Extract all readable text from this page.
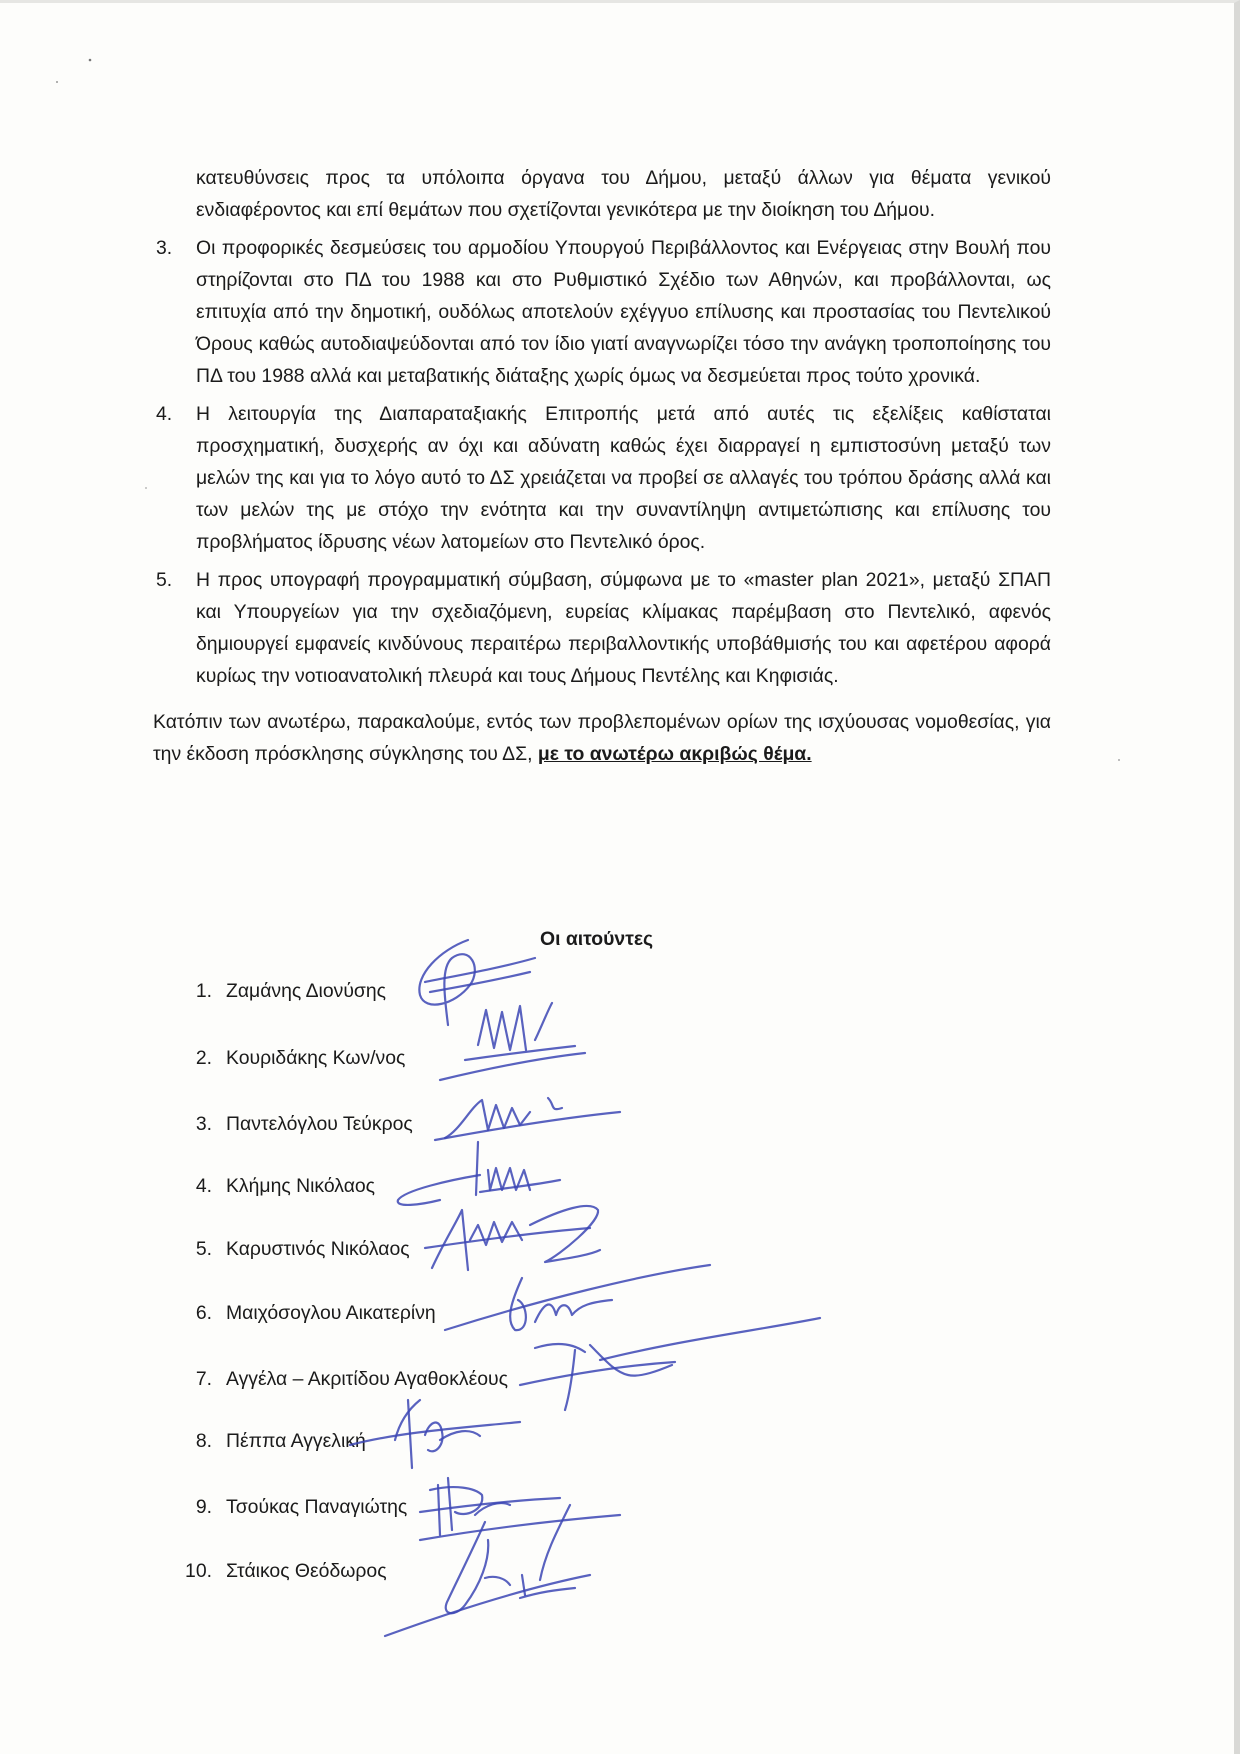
κατευθύνσεις προς τα υπόλοιπα όργανα του Δήμου, μεταξύ άλλων για θέματα γενικού ενδιαφέροντος και επί θεμάτων που σχετίζονται γενικότερα με την διοίκηση του Δήμου.

3. Οι προφορικές δεσμεύσεις του αρμοδίου Υπουργού Περιβάλλοντος και Ενέργειας στην Βουλή που στηρίζονται στο ΠΔ του 1988 και στο Ρυθμιστικό Σχέδιο των Αθηνών, και προβάλλονται, ως επιτυχία από την δημοτική, ουδόλως αποτελούν εχέγγυο επίλυσης και προστασίας του Πεντελικού Όρους καθώς αυτοδιαψεύδονται από τον ίδιο γιατί αναγνωρίζει τόσο την ανάγκη τροποποίησης του ΠΔ του 1988 αλλά και μεταβατικής διάταξης χωρίς όμως να δεσμεύεται προς τούτο χρονικά.

4. Η λειτουργία της Διαπαραταξιακής Επιτροπής μετά από αυτές τις εξελίξεις καθίσταται προσχηματική, δυσχερής αν όχι και αδύνατη καθώς έχει διαρραγεί η εμπιστοσύνη μεταξύ των μελών της και για το λόγο αυτό το ΔΣ χρειάζεται να προβεί σε αλλαγές του τρόπου δράσης αλλά και των μελών της με στόχο την ενότητα και την συναντίληψη αντιμετώπισης και επίλυσης του προβλήματος ίδρυσης νέων λατομείων στο Πεντελικό όρος.

5. Η προς υπογραφή προγραμματική σύμβαση, σύμφωνα με το «master plan 2021», μεταξύ ΣΠΑΠ και Υπουργείων για την σχεδιαζόμενη, ευρείας κλίμακας παρέμβαση στο Πεντελικό, αφενός δημιουργεί εμφανείς κινδύνους περαιτέρω περιβαλλοντικής υποβάθμισής του και αφετέρου αφορά κυρίως την νοτιοανατολική πλευρά και τους Δήμους Πεντέλης και Κηφισιάς.

Κατόπιν των ανωτέρω, παρακαλούμε, εντός των προβλεπομένων ορίων της ισχύουσας νομοθεσίας, για την έκδοση πρόσκλησης σύγκλησης του ΔΣ, με το ανωτέρω ακριβώς θέμα.

Οι αιτούντες
1. Ζαμάνης Διονύσης
2. Κουριδάκης Κων/νος
3. Παντελόγλου Τεύκρος
4. Κλήμης Νικόλαος
5. Καρυστινός Νικόλαος
6. Μαιχόσογλου Αικατερίνη
7. Αγγέλα – Ακριτίδου Αγαθοκλέους
8. Πέππα Αγγελική
9. Τσούκας Παναγιώτης
10. Στάικος Θεόδωρος
